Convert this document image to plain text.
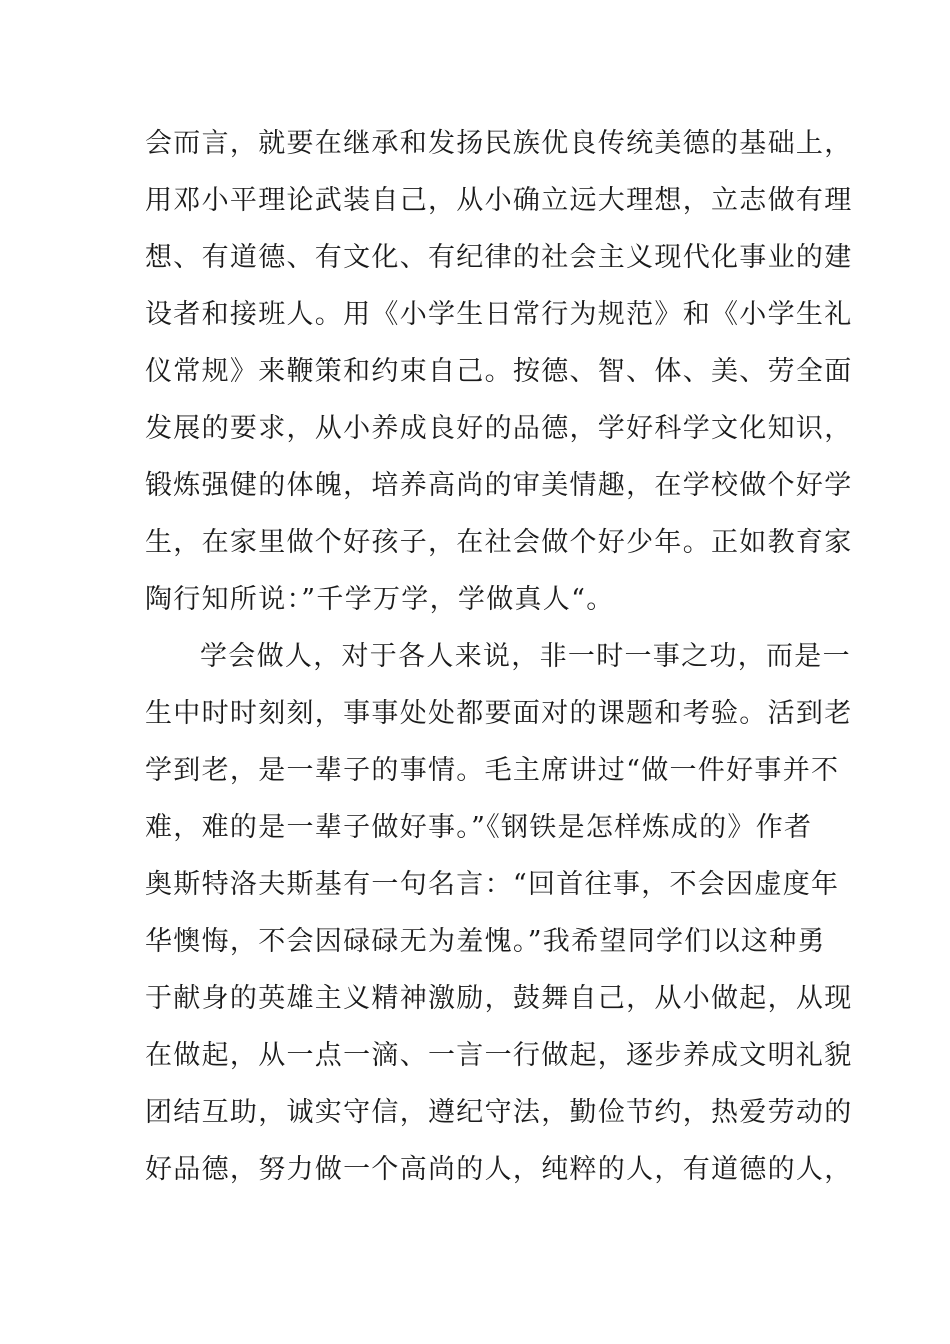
会而言，就要在继承和发扬民族优良传统美德的基础上，
用邓小平理论武装自己，从小确立远大理想，立志做有理
想、有道德、有文化、有纪律的社会主义现代化事业的建
设者和接班人。用《小学生日常行为规范》和《小学生礼
仪常规》来鞭策和约束自己。按德、智、体、美、劳全面
发展的要求，从小养成良好的品德，学好科学文化知识，
锻炼强健的体魄，培养高尚的审美情趣，在学校做个好学
生，在家里做个好孩子，在社会做个好少年。正如教育家
陶行知所说：”千学万学，学做真人“。
学会做人，对于各人来说，非一时一事之功，而是一
生中时时刻刻，事事处处都要面对的课题和考验。活到老
学到老，是一辈子的事情。毛主席讲过“做一件好事并不
难，难的是一辈子做好事。”《钢铁是怎样炼成的》作者
奥斯特洛夫斯基有一句名言：“回首往事，不会因虚度年
华懊悔，不会因碌碌无为羞愧。”我希望同学们以这种勇
于献身的英雄主义精神激励，鼓舞自己，从小做起，从现
在做起，从一点一滴、一言一行做起，逐步养成文明礼貌
团结互助，诚实守信，遵纪守法，勤俭节约，热爱劳动的
好品德，努力做一个高尚的人，纯粹的人，有道德的人，
